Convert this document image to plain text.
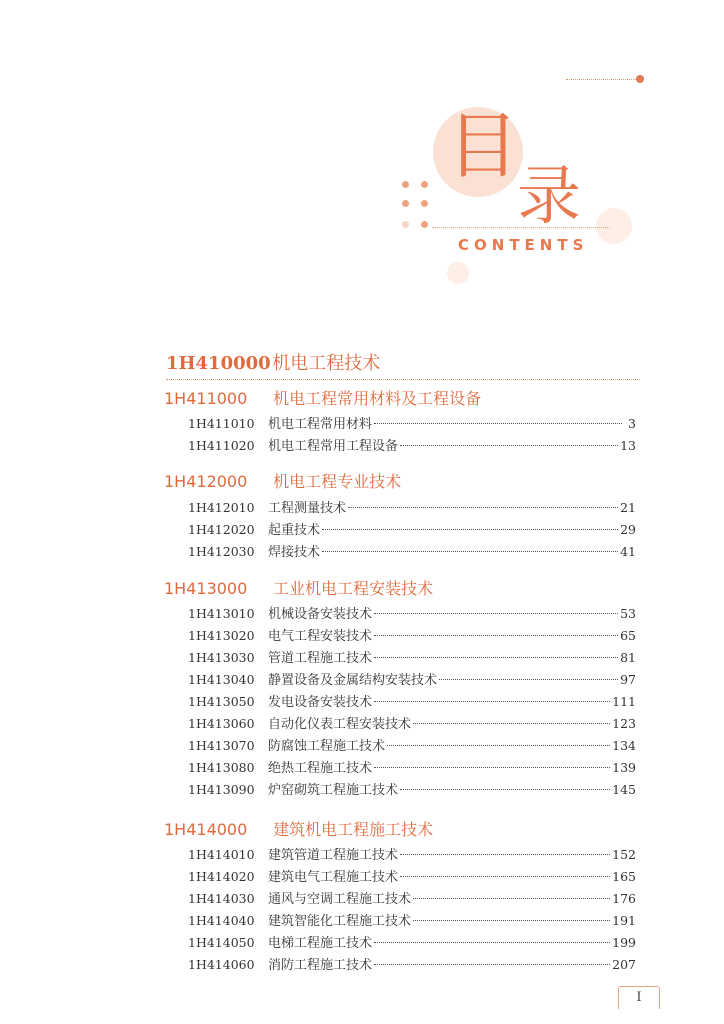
目
录
CONTENTS
1H410000 机电工程技术
1H411000 机电工程常用材料及工程设备
1H411010	机电工程常用材料	3
1H411020	机电工程常用工程设备	13
1H412000 机电工程专业技术
1H412010	工程测量技术	21
1H412020	起重技术	29
1H412030	焊接技术	41
1H413000 工业机电工程安装技术
1H413010	机械设备安装技术	53
1H413020	电气工程安装技术	65
1H413030	管道工程施工技术	81
1H413040	静置设备及金属结构安装技术	97
1H413050	发电设备安装技术	111
1H413060	自动化仪表工程安装技术	123
1H413070	防腐蚀工程施工技术	134
1H413080	绝热工程施工技术	139
1H413090	炉窑砌筑工程施工技术	145
1H414000 建筑机电工程施工技术
1H414010	建筑管道工程施工技术	152
1H414020	建筑电气工程施工技术	165
1H414030	通风与空调工程施工技术	176
1H414040	建筑智能化工程施工技术	191
1H414050	电梯工程施工技术	199
1H414060	消防工程施工技术	207
I
